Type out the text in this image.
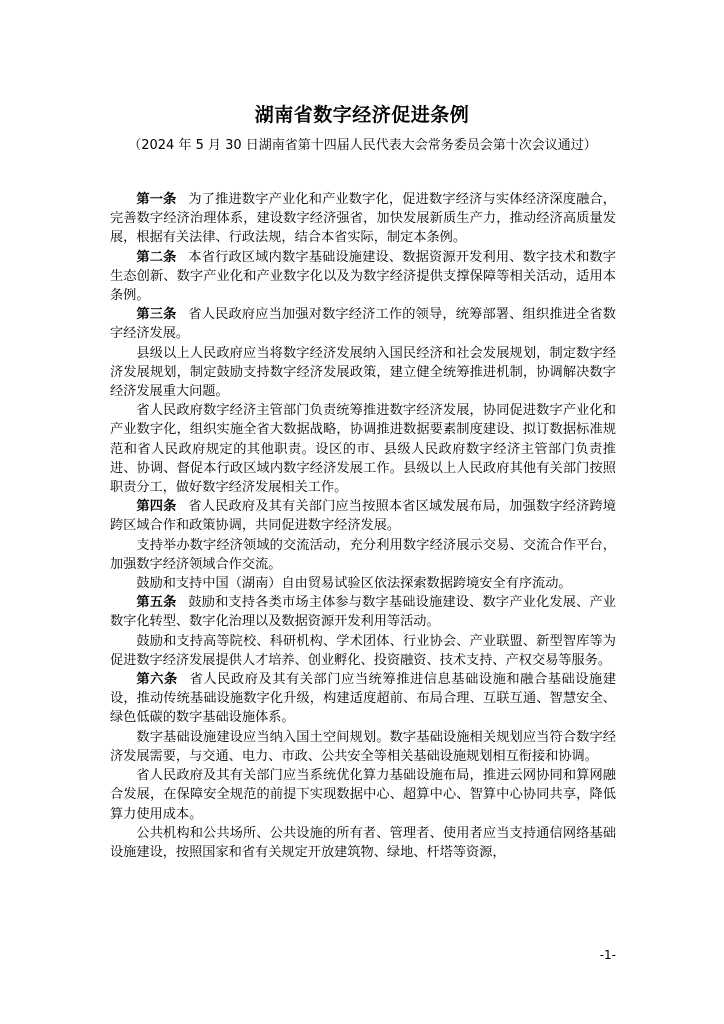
湖南省数字经济促进条例
（2024 年 5 月 30 日湖南省第十四届人民代表大会常务委员会第十次会议通过）

第一条 为了推进数字产业化和产业数字化，促进数字经济与实体经济深度融合，完善数字经济治理体系，建设数字经济强省，加快发展新质生产力，推动经济高质量发展，根据有关法律、行政法规，结合本省实际，制定本条例。

第二条 本省行政区域内数字基础设施建设、数据资源开发利用、数字技术和数字生态创新、数字产业化和产业数字化以及为数字经济提供支撑保障等相关活动，适用本条例。

第三条 省人民政府应当加强对数字经济工作的领导，统筹部署、组织推进全省数字经济发展。

县级以上人民政府应当将数字经济发展纳入国民经济和社会发展规划，制定数字经济发展规划，制定鼓励支持数字经济发展政策，建立健全统筹推进机制，协调解决数字经济发展重大问题。

省人民政府数字经济主管部门负责统筹推进数字经济发展，协同促进数字产业化和产业数字化，组织实施全省大数据战略，协调推进数据要素制度建设、拟订数据标准规范和省人民政府规定的其他职责。设区的市、县级人民政府数字经济主管部门负责推进、协调、督促本行政区域内数字经济发展工作。县级以上人民政府其他有关部门按照职责分工，做好数字经济发展相关工作。

第四条 省人民政府及其有关部门应当按照本省区域发展布局，加强数字经济跨境跨区域合作和政策协调，共同促进数字经济发展。

支持举办数字经济领域的交流活动，充分利用数字经济展示交易、交流合作平台，加强数字经济领域合作交流。

鼓励和支持中国（湖南）自由贸易试验区依法探索数据跨境安全有序流动。

第五条 鼓励和支持各类市场主体参与数字基础设施建设、数字产业化发展、产业数字化转型、数字化治理以及数据资源开发利用等活动。

鼓励和支持高等院校、科研机构、学术团体、行业协会、产业联盟、新型智库等为促进数字经济发展提供人才培养、创业孵化、投资融资、技术支持、产权交易等服务。

第六条 省人民政府及其有关部门应当统筹推进信息基础设施和融合基础设施建设，推动传统基础设施数字化升级，构建适度超前、布局合理、互联互通、智慧安全、绿色低碳的数字基础设施体系。

数字基础设施建设应当纳入国土空间规划。数字基础设施相关规划应当符合数字经济发展需要，与交通、电力、市政、公共安全等相关基础设施规划相互衔接和协调。

省人民政府及其有关部门应当系统优化算力基础设施布局，推进云网协同和算网融合发展，在保障安全规范的前提下实现数据中心、超算中心、智算中心协同共享，降低算力使用成本。

公共机构和公共场所、公共设施的所有者、管理者、使用者应当支持通信网络基础设施建设，按照国家和省有关规定开放建筑物、绿地、杆塔等资源，

-1-
